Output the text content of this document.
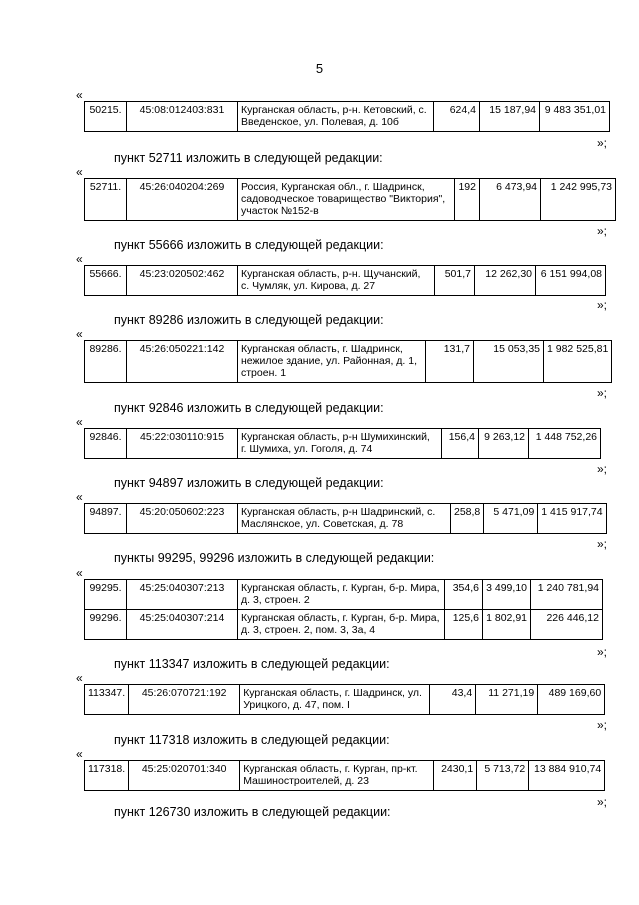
5
«
50215.	45:08:012403:831	Курганская область, р-н. Кетовский, с. Введенское, ул. Полевая, д. 10б	624,4	15 187,94	9 483 351,01
»;
пункт 52711 изложить в следующей редакции:
«
52711.	45:26:040204:269	Россия, Курганская обл., г. Шадринск, садоводческое товарищество "Виктория", участок №152-в	192	6 473,94	1 242 995,73
»;
пункт 55666 изложить в следующей редакции:
«
55666.	45:23:020502:462	Курганская область, р-н. Щучанский, с. Чумляк, ул. Кирова, д. 27	501,7	12 262,30	6 151 994,08
»;
пункт 89286 изложить в следующей редакции:
«
89286.	45:26:050221:142	Курганская область, г. Шадринск, нежилое здание, ул. Районная, д. 1, строен. 1	131,7	15 053,35	1 982 525,81
»;
пункт 92846 изложить в следующей редакции:
«
92846.	45:22:030110:915	Курганская область, р-н Шумихинский, г. Шумиха, ул. Гоголя, д. 74	156,4	9 263,12	1 448 752,26
»;
пункт 94897 изложить в следующей редакции:
«
94897.	45:20:050602:223	Курганская область, р-н Шадринский, с. Маслянское, ул. Советская, д. 78	258,8	5 471,09	1 415 917,74
»;
пункты 99295, 99296 изложить в следующей редакции:
«
99295.	45:25:040307:213	Курганская область, г. Курган, б-р. Мира, д. 3, строен. 2	354,6	3 499,10	1 240 781,94
99296.	45:25:040307:214	Курганская область, г. Курган, б-р. Мира, д. 3, строен. 2, пом. 3, 3а, 4	125,6	1 802,91	226 446,12
»;
пункт 113347 изложить в следующей редакции:
«
113347.	45:26:070721:192	Курганская область, г. Шадринск, ул. Урицкого, д. 47, пом. I	43,4	11 271,19	489 169,60
»;
пункт 117318 изложить в следующей редакции:
«
117318.	45:25:020701:340	Курганская область, г. Курган, пр-кт. Машиностроителей, д. 23	2430,1	5 713,72	13 884 910,74
»;
пункт 126730 изложить в следующей редакции:
